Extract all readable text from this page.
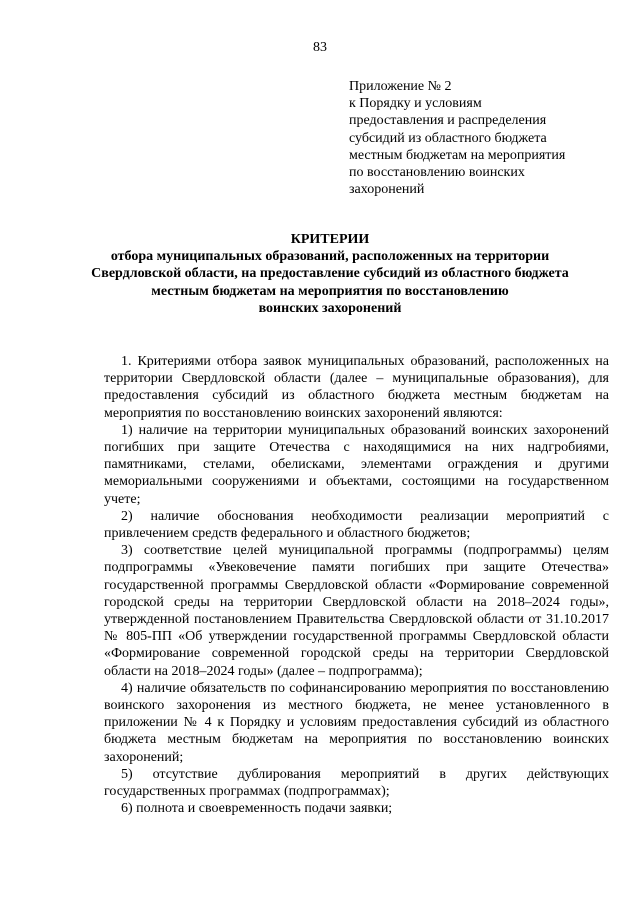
83
Приложение № 2
к Порядку и условиям
предоставления и распределения
субсидий из областного бюджета
местным бюджетам на мероприятия
по восстановлению воинских
захоронений
КРИТЕРИИ
отбора муниципальных образований, расположенных на территории
Свердловской области, на предоставление субсидий из областного бюджета
местным бюджетам на мероприятия по восстановлению
воинских захоронений

1. Критериями отбора заявок муниципальных образований, расположенных на территории Свердловской области (далее – муниципальные образования), для предоставления субсидий из областного бюджета местным бюджетам на мероприятия по восстановлению воинских захоронений являются:

1) наличие на территории муниципальных образований воинских захоронений погибших при защите Отечества с находящимися на них надгробиями, памятниками, стелами, обелисками, элементами ограждения и другими мемориальными сооружениями и объектами, состоящими на государственном учете;

2) наличие обоснования необходимости реализации мероприятий с привлечением средств федерального и областного бюджетов;

3) соответствие целей муниципальной программы (подпрограммы) целям подпрограммы «Увековечение памяти погибших при защите Отечества» государственной программы Свердловской области «Формирование современной городской среды на территории Свердловской области на 2018–2024 годы», утвержденной постановлением Правительства Свердловской области от 31.10.2017 № 805-ПП «Об утверждении государственной программы Свердловской области «Формирование современной городской среды на территории Свердловской области на 2018–2024 годы» (далее – подпрограмма);

4) наличие обязательств по софинансированию мероприятия по восстановлению воинского захоронения из местного бюджета, не менее установленного в приложении № 4 к Порядку и условиям предоставления субсидий из областного бюджета местным бюджетам на мероприятия по восстановлению воинских захоронений;

5) отсутствие дублирования мероприятий в других действующих государственных программах (подпрограммах);

6) полнота и своевременность подачи заявки;
